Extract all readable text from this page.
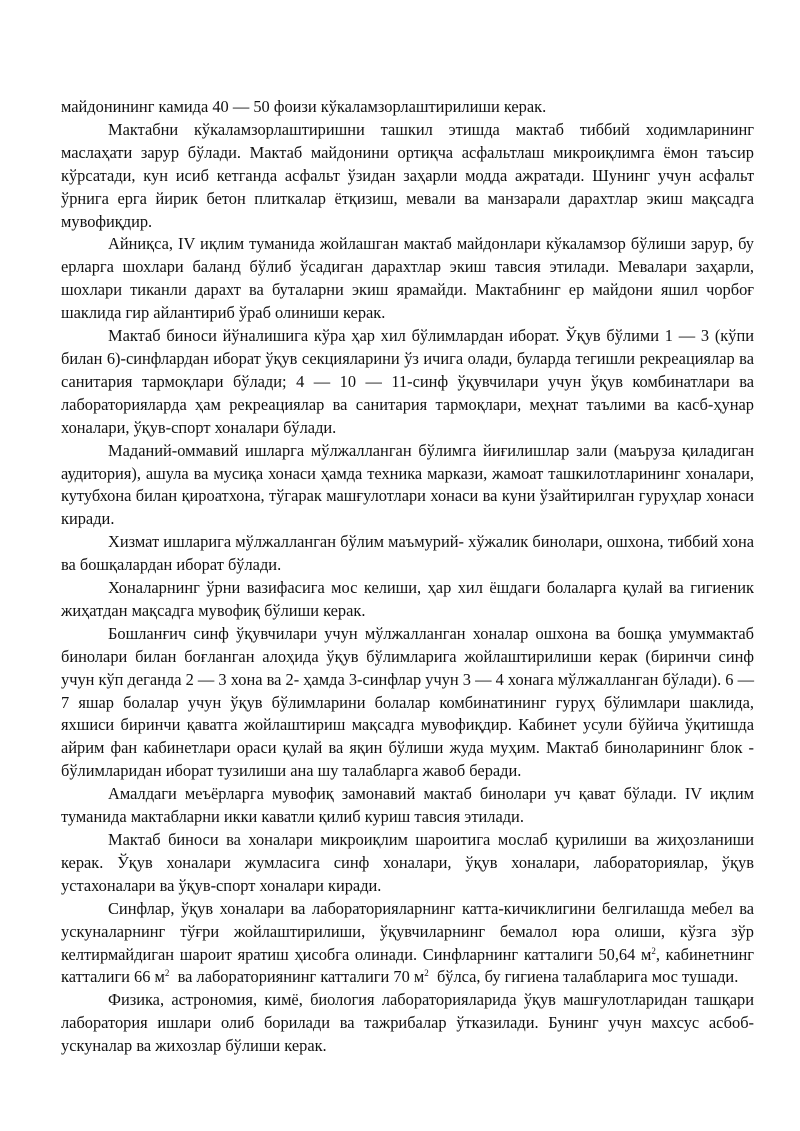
майдонининг камида 40 — 50 фоизи кўкаламзорлаштирилиши керак.

Мактабни кўкаламзорлаштиришни ташкил этишда мактаб тиббий ходимларининг маслаҳати зарур бўлади. Мактаб майдонини ортиқча асфальтлаш микроиқлимга ёмон таъсир кўрсатади, кун исиб кетганда асфальт ўзидан заҳарли модда ажратади. Шунинг учун асфальт ўрнига ерга йирик бетон плиткалар ётқизиш, мевали ва манзарали дарахтлар экиш мақсадга мувофиқдир.

Айниқса, IV иқлим туманида жойлашган мактаб майдонлари кўкаламзор бўлиши зарур, бу ерларга шохлари баланд бўлиб ўсадиган дарахтлар экиш тавсия этилади. Мевалари заҳарли, шохлари тиканли дарахт ва буталарни экиш ярамайди. Мактабнинг ер майдони яшил чорбоғ шаклида гир айлантириб ўраб олиниши керак.

Мактаб биноси йўналишига кўра ҳар хил бўлимлардан иборат. Ўқув бўлими 1 — 3 (кўпи билан 6)-синфлардан иборат ўқув секцияларини ўз ичига олади, буларда тегишли рекреациялар ва санитария тармоқлари бўлади; 4 — 10 — 11-синф ўқувчилари учун ўқув комбинатлари ва лабораторияларда ҳам рекреациялар ва санитария тармоқлари, меҳнат таълими ва касб-ҳунар хоналари, ўқув-спорт хоналари бўлади.

Маданий-оммавий ишларга мўлжалланган бўлимга йиғилишлар зали (маъруза қиладиган аудитория), ашула ва мусиқа хонаси ҳамда техника маркази, жамоат ташкилотларининг хоналари, кутубхона билан қироатхона, тўгарак машғулотлари хонаси ва куни ўзайтирилган гуруҳлар хонаси киради.

Хизмат ишларига мўлжалланган бўлим маъмурий- хўжалик бинолари, ошхона, тиббий хона ва бошқалардан иборат бўлади.

Хоналарнинг ўрни вазифасига мос келиши, ҳар хил ёшдаги болаларга қулай ва гигиеник жиҳатдан мақсадга мувофиқ бўлиши керак.

Бошланғич синф ўқувчилари учун мўлжалланган хоналар ошхона ва бошқа умуммактаб бинолари билан боғланган алоҳида ўқув бўлимларига жойлаштирилиши керак (биринчи синф учун кўп деганда 2 — 3 хона ва 2- ҳамда 3-синфлар учун 3 — 4 хонага мўлжалланган бўлади). 6 — 7 яшар болалар учун ўқув бўлимларини болалар комбинатининг гуруҳ бўлимлари шаклида, яхшиси биринчи қаватга жойлаштириш мақсадга мувофиқдир. Кабинет усули бўйича ўқитишда айрим фан кабинетлари ораси қулай ва яқин бўлиши жуда муҳим. Мактаб биноларининг блок - бўлимларидан иборат тузилиши ана шу талабларга жавоб беради.

Амалдаги меъёрларга мувофиқ замонавий мактаб бинолари уч қават бўлади. IV иқлим туманида мактабларни икки каватли қилиб куриш тавсия этилади.

Мактаб биноси ва хоналари микроиқлим шароитига мослаб қурилиши ва жиҳозланиши керак. Ўқув хоналари жумласига синф хоналари, ўқув хоналари, лабораториялар, ўқув устахоналари ва ўқув-спорт хоналари киради.

Синфлар, ўқув хоналари ва лабораторияларнинг катта-кичиклигини белгилашда мебел ва ускуналарнинг тўғри жойлаштирилиши, ўқувчиларнинг бемалол юра олиши, кўзга зўр келтирмайдиган шароит яратиш ҳисобга олинади. Синфларнинг катталиги 50,64 $м^2$, кабинетнинг катталиги 66 $м^2$  ва лабораториянинг катталиги 70 $м^2$  бўлса, бу гигиена талабларига мос тушади.

Физика, астрономия, кимё, биология лабораторияларида ўқув машғулотларидан ташқари лаборатория ишлари олиб борилади ва тажрибалар ўтказилади. Бунинг учун махсус асбоб-ускуналар ва жихозлар бўлиши керак.
